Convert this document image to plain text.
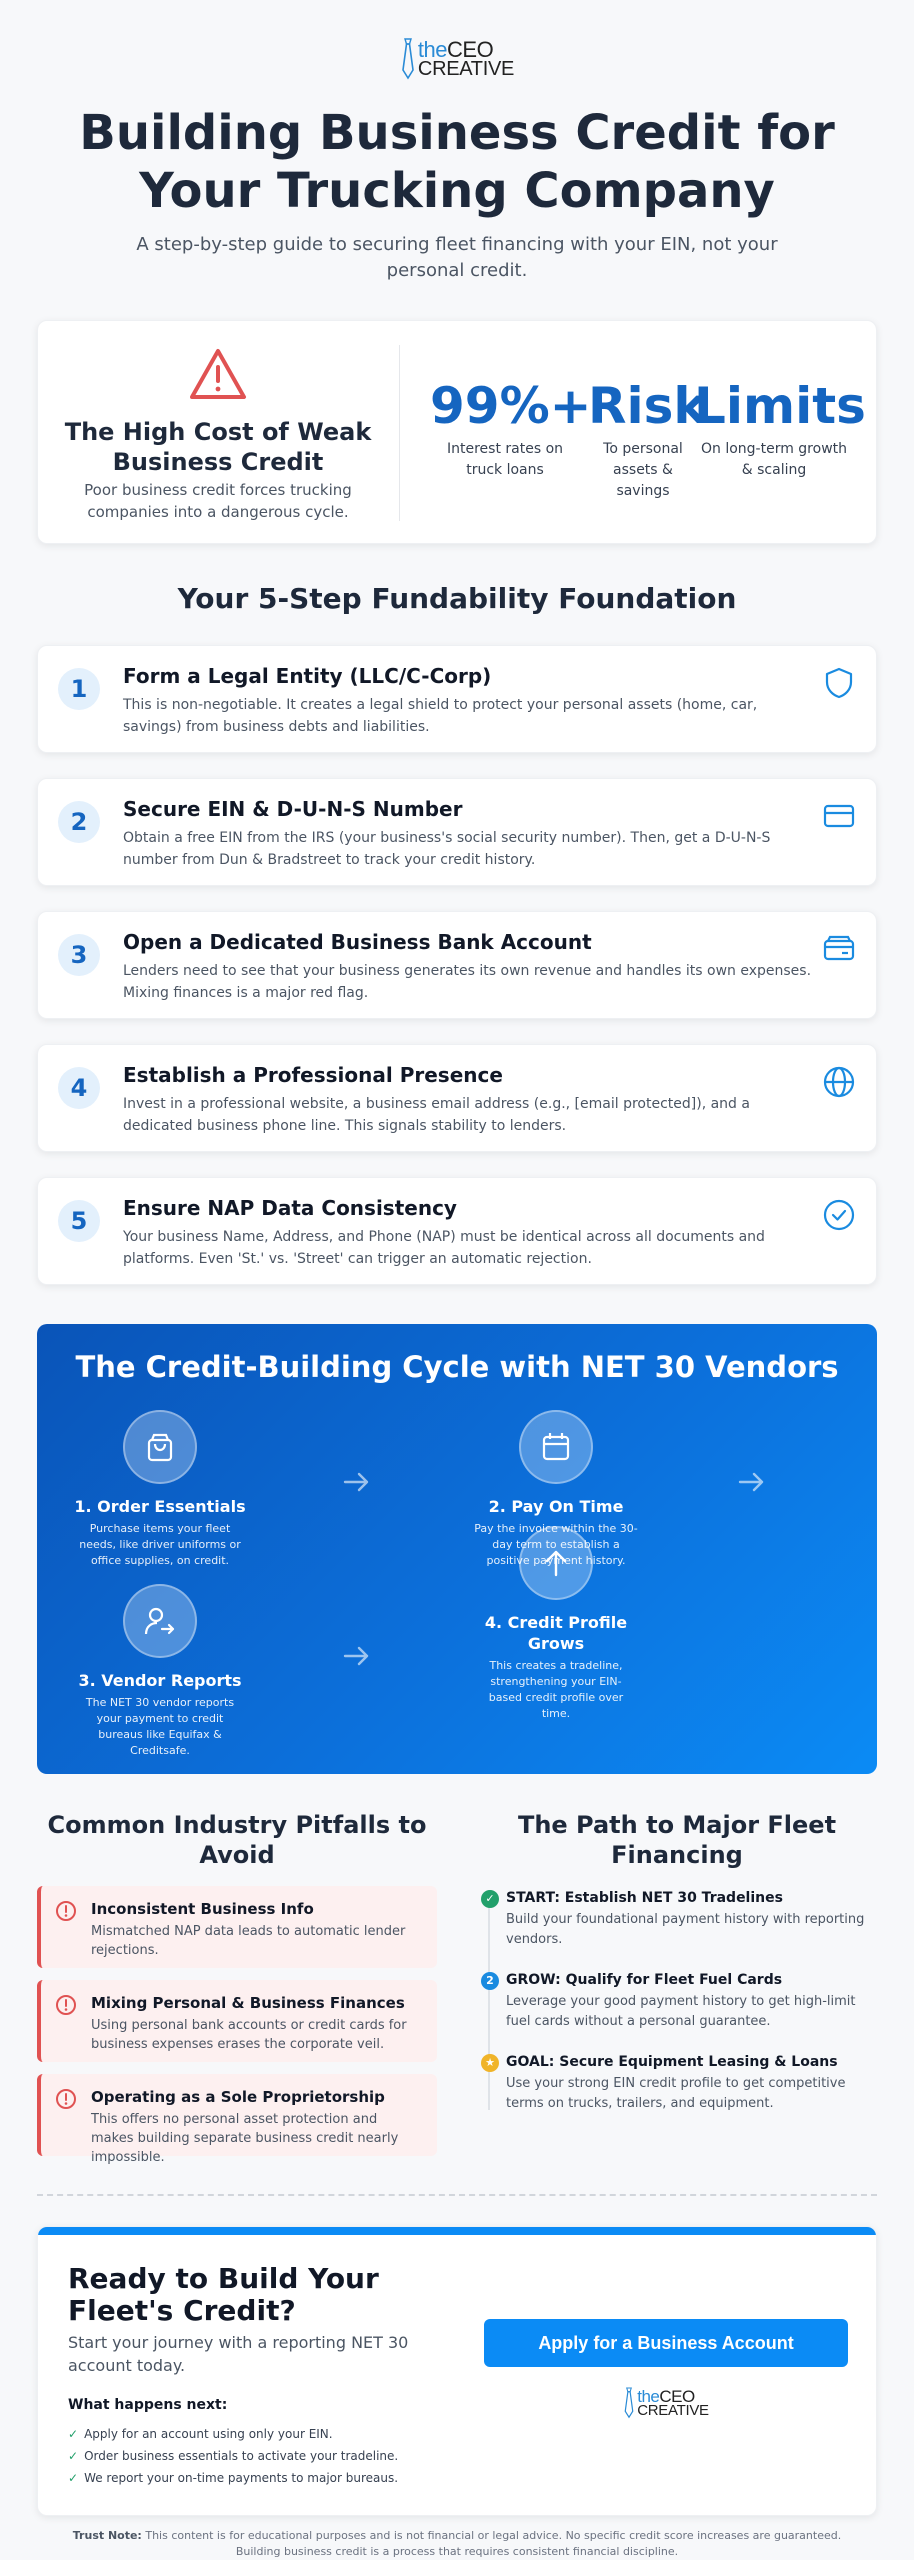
theCEO
CREATIVE
Building Business Credit for Your Trucking Company

A step-by-step guide to securing fleet financing with your EIN, not your personal credit.

The High Cost of Weak Business Credit
Poor business credit forces trucking companies into a dangerous cycle.
99%+
Interest rates on truck loans
Risk
To personal assets & savings
Limits
On long-term growth & scaling
Your 5-Step Fundability Foundation
1	Form a Legal Entity (LLC/C-Corp)
This is non-negotiable. It creates a legal shield to protect your personal assets (home, car, savings) from business debts and liabilities.
2	Secure EIN & D-U-N-S Number
Obtain a free EIN from the IRS (your business's social security number). Then, get a D-U-N-S number from Dun & Bradstreet to track your credit history.
3	Open a Dedicated Business Bank Account
Lenders need to see that your business generates its own revenue and handles its own expenses. Mixing finances is a major red flag.
4	Establish a Professional Presence
Invest in a professional website, a business email address (e.g., [email protected]), and a dedicated business phone line. This signals stability to lenders.
5	Ensure NAP Data Consistency
Your business Name, Address, and Phone (NAP) must be identical across all documents and platforms. Even 'St.' vs. 'Street' can trigger an automatic rejection.
The Credit-Building Cycle with NET 30 Vendors
1. Order Essentials
Purchase items your fleet needs, like driver uniforms or office supplies, on credit.
2. Pay On Time
Pay the invoice within the 30-day term to establish a positive payment history.
3. Vendor Reports
The NET 30 vendor reports your payment to credit bureaus like Equifax & Creditsafe.
4. Credit Profile Grows
This creates a tradeline, strengthening your EIN-based credit profile over time.
Common Industry Pitfalls to Avoid
Inconsistent Business Info
Mismatched NAP data leads to automatic lender rejections.
Mixing Personal & Business Finances
Using personal bank accounts or credit cards for business expenses erases the corporate veil.
Operating as a Sole Proprietorship
This offers no personal asset protection and makes building separate business credit nearly impossible.
The Path to Major Fleet Financing
✓ START: Establish NET 30 Tradelines
Build your foundational payment history with reporting vendors.
2 GROW: Qualify for Fleet Fuel Cards
Leverage your good payment history to get high-limit fuel cards without a personal guarantee.
★ GOAL: Secure Equipment Leasing & Loans
Use your strong EIN credit profile to get competitive terms on trucks, trailers, and equipment.
Ready to Build Your Fleet's Credit?
Start your journey with a reporting NET 30 account today.
What happens next:
✓ Apply for an account using only your EIN.
✓ Order business essentials to activate your tradeline.
✓ We report your on-time payments to major bureaus.
Apply for a Business Account
theCEO
CREATIVE
Trust Note: This content is for educational purposes and is not financial or legal advice. No specific credit score increases are guaranteed. Building business credit is a process that requires consistent financial discipline.
